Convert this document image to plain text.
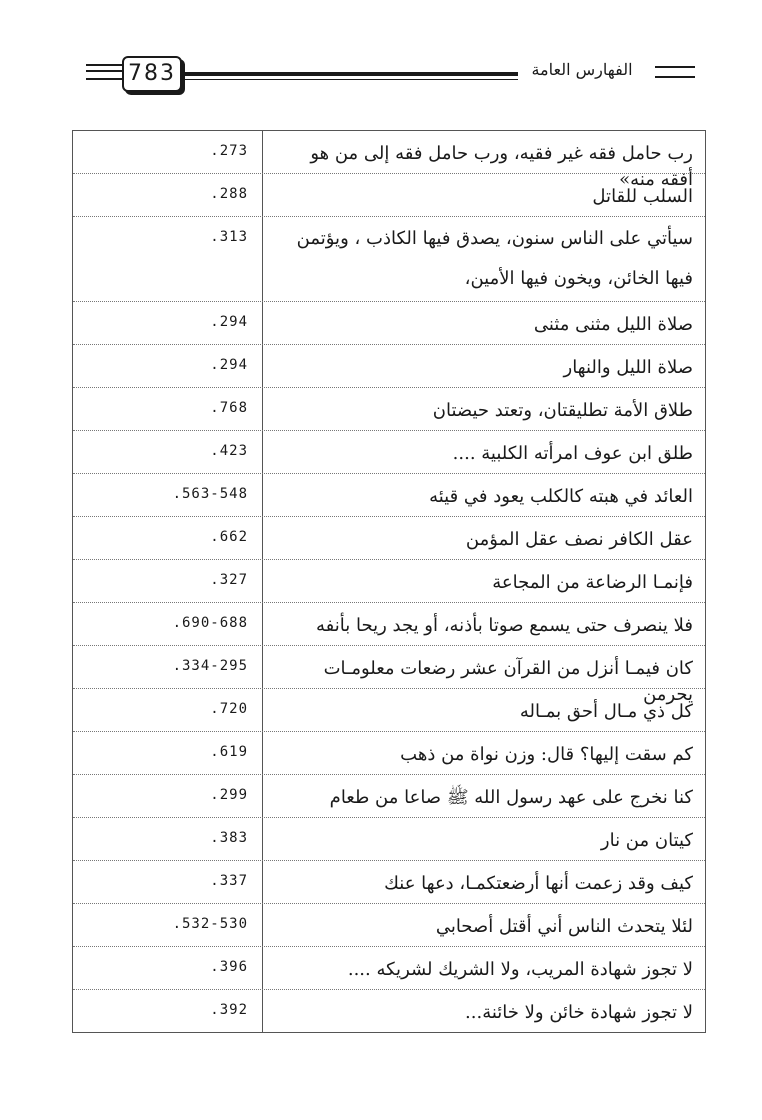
783	الفهارس العامة
.273	رب حامل فقه غير فقيه، ورب حامل فقه إلى من هو أفقه منه»
.288	السلب للقاتل
.313	سيأتي على الناس سنون، يصدق فيها الكاذب ، ويؤتمن فيها الخائن، ويخون فيها الأمين،
.294	صلاة الليل مثنى مثنى
.294	صلاة الليل والنهار
.768	طلاق الأمة تطليقتان، وتعتد حيضتان
.423	طلق ابن عوف امرأته الكلبية ....
.563-548	العائد في هبته كالكلب يعود في قيئه
.662	عقل الكافر نصف عقل المؤمن
.327	فإنمـا الرضاعة من المجاعة
.690-688	فلا ينصرف حتى يسمع صوتا بأذنه، أو يجد ريحا بأنفه
.334-295	كان فيمـا أنزل من القرآن عشر رضعات معلومـات يحرمن
.720	كل ذي مـال أحق بمـاله
.619	كم سقت إليها؟ قال: وزن نواة من ذهب
.299	كنا نخرج على عهد رسول الله ﷺ صاعا من طعام
.383	كيتان من نار
.337	كيف وقد زعمت أنها أرضعتكمـا، دعها عنك
.532-530	لئلا يتحدث الناس أني أقتل أصحابي
.396	لا تجوز شهادة المريب، ولا الشريك لشريكه ....
.392	لا تجوز شهادة خائن ولا خائنة...
